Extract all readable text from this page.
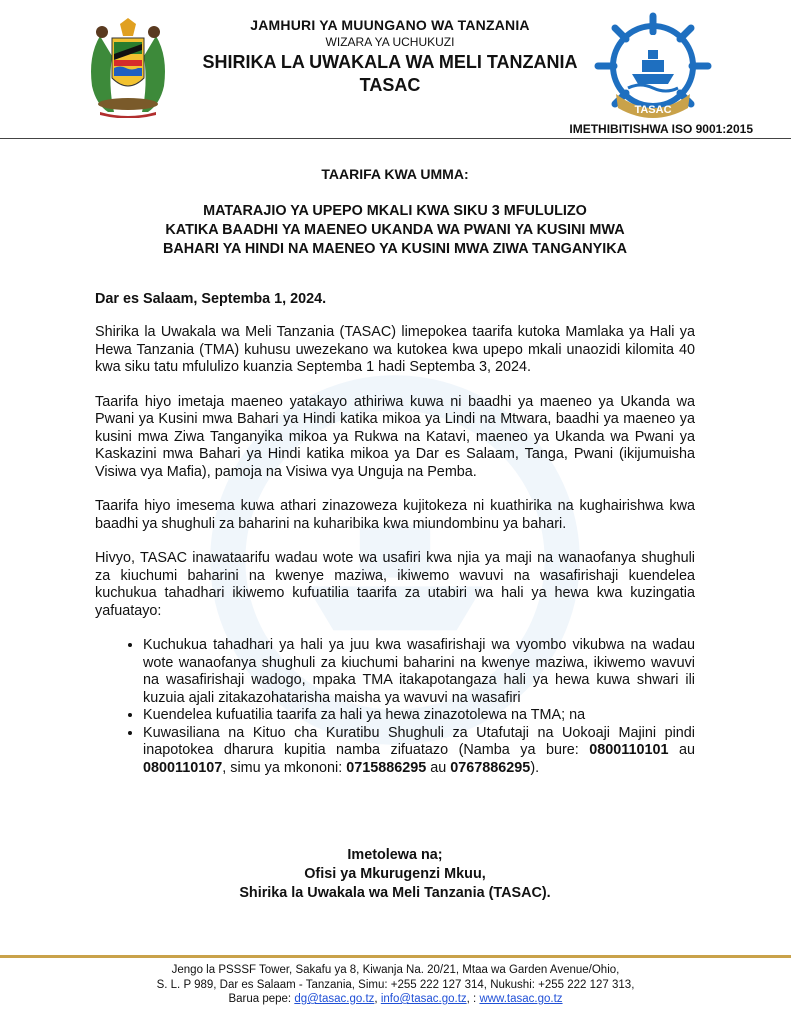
JAMHURI YA MUUNGANO WA TANZANIA
WIZARA YA UCHUKUZI
SHIRIKA LA UWAKALA WA MELI TANZANIA
TASAC
TASAC
IMETHIBITISHWA ISO 9001:2015
TAARIFA KWA UMMA:
MATARAJIO YA UPEPO MKALI KWA SIKU 3 MFULULIZO
KATIKA BAADHI YA MAENEO UKANDA WA PWANI YA KUSINI MWA
BAHARI YA HINDI NA MAENEO YA KUSINI MWA ZIWA TANGANYIKA
Dar es Salaam, Septemba 1, 2024.

Shirika la Uwakala wa Meli Tanzania (TASAC) limepokea taarifa kutoka Mamlaka ya Hali ya Hewa Tanzania (TMA) kuhusu uwezekano wa kutokea kwa upepo mkali unaozidi kilomita 40 kwa siku tatu mfululizo kuanzia Septemba 1 hadi Septemba 3, 2024.

Taarifa hiyo imetaja maeneo yatakayo athiriwa kuwa ni baadhi ya maeneo ya Ukanda wa Pwani ya Kusini mwa Bahari ya Hindi katika mikoa ya Lindi na Mtwara, baadhi ya maeneo ya kusini mwa Ziwa Tanganyika mikoa ya Rukwa na Katavi, maeneo ya Ukanda wa Pwani ya Kaskazini mwa Bahari ya Hindi katika mikoa ya Dar es Salaam, Tanga, Pwani (ikijumuisha Visiwa vya Mafia), pamoja na Visiwa vya Unguja na Pemba.

Taarifa hiyo imesema kuwa athari zinazoweza kujitokeza ni kuathirika na kughairishwa kwa baadhi ya shughuli za baharini na kuharibika kwa miundombinu ya bahari.

Hivyo, TASAC inawataarifu wadau wote wa usafiri kwa njia ya maji na wanaofanya shughuli za kiuchumi baharini na kwenye maziwa, ikiwemo wavuvi na wasafirishaji kuendelea kuchukua tahadhari ikiwemo kufuatilia taarifa za utabiri wa hali ya hewa kwa kuzingatia yafuatayo:

• Kuchukua tahadhari ya hali ya juu kwa wasafirishaji wa vyombo vikubwa na wadau wote wanaofanya shughuli za kiuchumi baharini na kwenye maziwa, ikiwemo wavuvi na wasafirishaji wadogo, mpaka TMA itakapotangaza hali ya hewa kuwa shwari ili kuzuia ajali zitakazohatarisha maisha ya wavuvi na wasafiri
• Kuendelea kufuatilia taarifa za hali ya hewa zinazotolewa na TMA; na
• Kuwasiliana na Kituo cha Kuratibu Shughuli za Utafutaji na Uokoaji Majini pindi inapotokea dharura kupitia namba zifuatazo (Namba ya bure: 0800110101 au 0800110107, simu ya mkononi: 0715886295 au 0767886295).
Imetolewa na;
Ofisi ya Mkurugenzi Mkuu,
Shirika la Uwakala wa Meli Tanzania (TASAC).
Jengo la PSSSF Tower, Sakafu ya 8, Kiwanja Na. 20/21, Mtaa wa Garden Avenue/Ohio,
S. L. P 989, Dar es Salaam - Tanzania, Simu: +255 222 127 314, Nukushi: +255 222 127 313,
Barua pepe: dg@tasac.go.tz, info@tasac.go.tz, : www.tasac.go.tz
